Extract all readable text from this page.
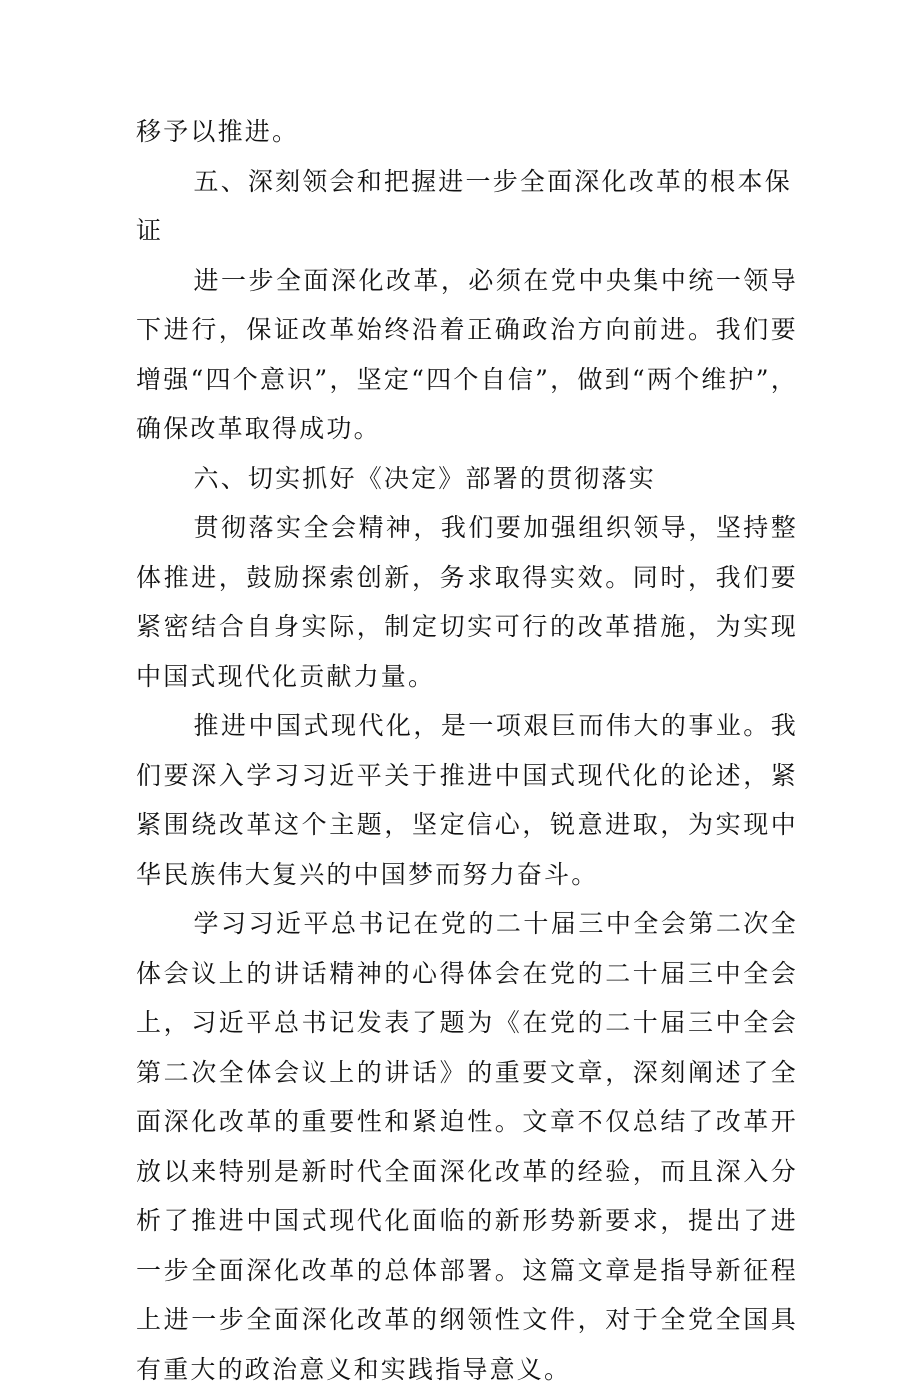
移予以推进。

五、深刻领会和把握进一步全面深化改革的根本保证

进一步全面深化改革，必须在党中央集中统一领导下进行，保证改革始终沿着正确政治方向前进。我们要增强“四个意识”，坚定“四个自信”，做到“两个维护”，确保改革取得成功。

六、切实抓好《决定》部署的贯彻落实

贯彻落实全会精神，我们要加强组织领导，坚持整体推进，鼓励探索创新，务求取得实效。同时，我们要紧密结合自身实际，制定切实可行的改革措施，为实现中国式现代化贡献力量。

推进中国式现代化，是一项艰巨而伟大的事业。我们要深入学习习近平关于推进中国式现代化的论述，紧紧围绕改革这个主题，坚定信心，锐意进取，为实现中华民族伟大复兴的中国梦而努力奋斗。

学习习近平总书记在党的二十届三中全会第二次全体会议上的讲话精神的心得体会在党的二十届三中全会上，习近平总书记发表了题为《在党的二十届三中全会第二次全体会议上的讲话》的重要文章，深刻阐述了全面深化改革的重要性和紧迫性。文章不仅总结了改革开放以来特别是新时代全面深化改革的经验，而且深入分析了推进中国式现代化面临的新形势新要求，提出了进一步全面深化改革的总体部署。这篇文章是指导新征程上进一步全面深化改革的纲领性文件，对于全党全国具有重大的政治意义和实践指导意义。
